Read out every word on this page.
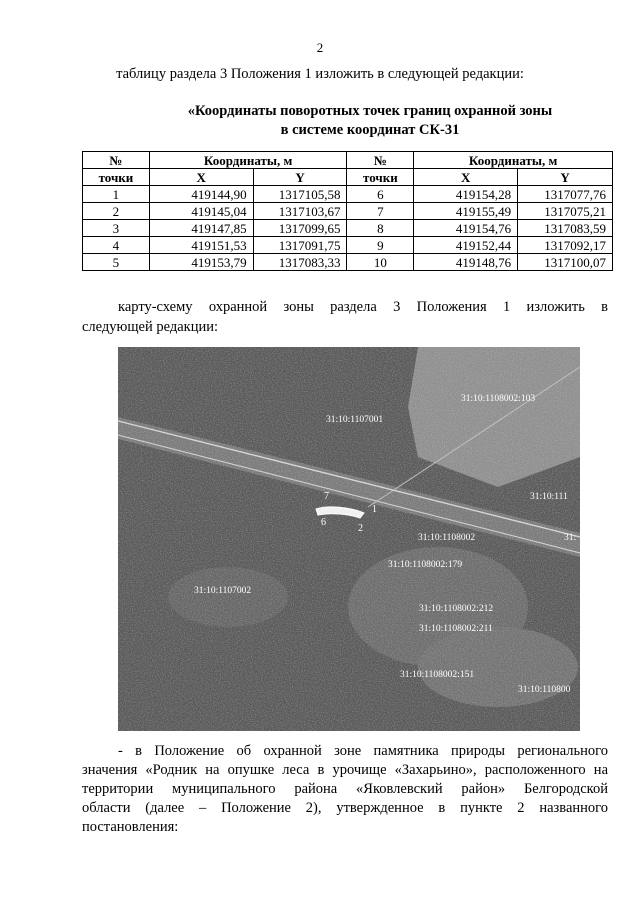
2
таблицу раздела 3 Положения 1 изложить в следующей редакции:
«Координаты поворотных точек границ охранной зоны
в системе координат СК-31
№	Координаты, м		№	Координаты, м	
точки	X	Y	точки	X	Y
1	419144,90	1317105,58	6	419154,28	1317077,76
2	419145,04	1317103,67	7	419155,49	1317075,21
3	419147,85	1317099,65	8	419154,76	1317083,59
4	419151,53	1317091,75	9	419152,44	1317092,17
5	419153,79	1317083,33	10	419148,76	1317100,07
карту-схему охранной зоны раздела 3 Положения 1 изложить в
следующей редакции:
31:10:1107001
31:10:1108002:103
31:10:111
31:10:1108002	31:
31:10:1108002:179
31:10:1107002
31:10:1108002:212
31:10:1108002:211
31:10:1108002:151
31:10:110800
7
1
6
2
- в Положение об охранной зоне памятника природы регионального
значения «Родник на опушке леса в урочище «Захарьино», расположенного на
территории муниципального района «Яковлевский район» Белгородской
области (далее – Положение 2), утвержденное в пункте 2 названного
постановления:
